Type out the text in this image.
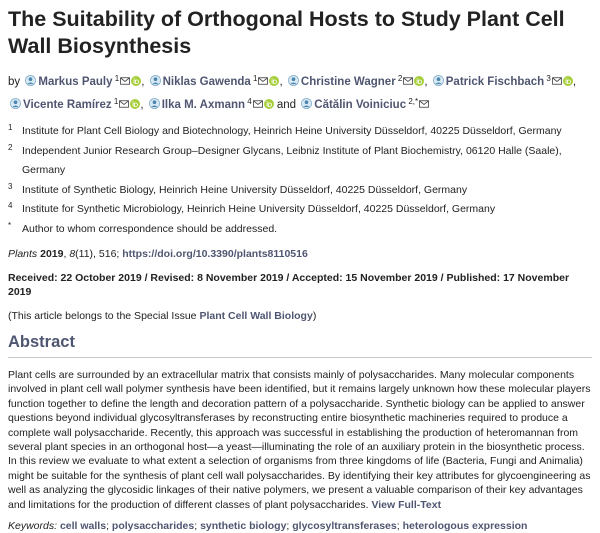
The Suitability of Orthogonal Hosts to Study Plant Cell Wall Biosynthesis
by Markus Pauly $^1$ , Niklas Gawenda $^1$ , Christine Wagner $^2$ , Patrick Fischbach $^3$ , Vicente Ramírez $^1$ , Ilka M. Axmann $^4$ and Cătălin Voiniciuc $^{2,*}$
1 Institute for Plant Cell Biology and Biotechnology, Heinrich Heine University Düsseldorf, 40225 Düsseldorf, Germany
2 Independent Junior Research Group–Designer Glycans, Leibniz Institute of Plant Biochemistry, 06120 Halle (Saale), Germany
3 Institute of Synthetic Biology, Heinrich Heine University Düsseldorf, 40225 Düsseldorf, Germany
4 Institute for Synthetic Microbiology, Heinrich Heine University Düsseldorf, 40225 Düsseldorf, Germany
*	Author to whom correspondence should be addressed.
Plants 2019, 8(11), 516; https://doi.org/10.3390/plants8110516
Received: 22 October 2019 / Revised: 8 November 2019 / Accepted: 15 November 2019 / Published: 17 November 2019
(This article belongs to the Special Issue Plant Cell Wall Biology)
Abstract
Plant cells are surrounded by an extracellular matrix that consists mainly of polysaccharides. Many molecular components involved in plant cell wall polymer synthesis have been identified, but it remains largely unknown how these molecular players function together to define the length and decoration pattern of a polysaccharide. Synthetic biology can be applied to answer questions beyond individual glycosyltransferases by reconstructing entire biosynthetic machineries required to produce a complete wall polysaccharide. Recently, this approach was successful in establishing the production of heteromannan from several plant species in an orthogonal host—a yeast—illuminating the role of an auxiliary protein in the biosynthetic process. In this review we evaluate to what extent a selection of organisms from three kingdoms of life (Bacteria, Fungi and Animalia) might be suitable for the synthesis of plant cell wall polysaccharides. By identifying their key attributes for glycoengineering as well as analyzing the glycosidic linkages of their native polymers, we present a valuable comparison of their key advantages and limitations for the production of different classes of plant polysaccharides. View Full-Text
Keywords: cell walls; polysaccharides; synthetic biology; glycosyltransferases; heterologous expression
